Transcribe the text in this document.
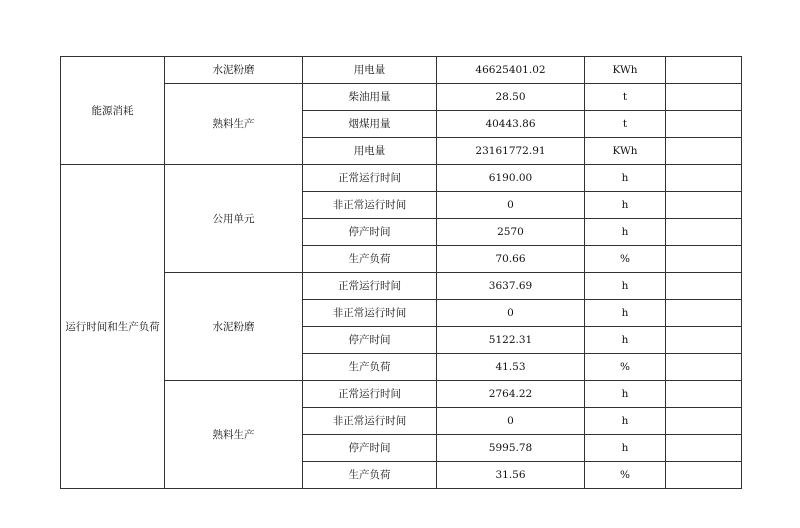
能源消耗	水泥粉磨	用电量	46625401.02	KWh	
	熟料生产	柴油用量	28.50	t	
		烟煤用量	40443.86	t	
		用电量	23161772.91	KWh	
运行时间和生产负荷	公用单元	正常运行时间	6190.00	h	
		非正常运行时间	0	h	
		停产时间	2570	h	
		生产负荷	70.66	%	
	水泥粉磨	正常运行时间	3637.69	h	
		非正常运行时间	0	h	
		停产时间	5122.31	h	
		生产负荷	41.53	%	
	熟料生产	正常运行时间	2764.22	h	
		非正常运行时间	0	h	
		停产时间	5995.78	h	
		生产负荷	31.56	%	
